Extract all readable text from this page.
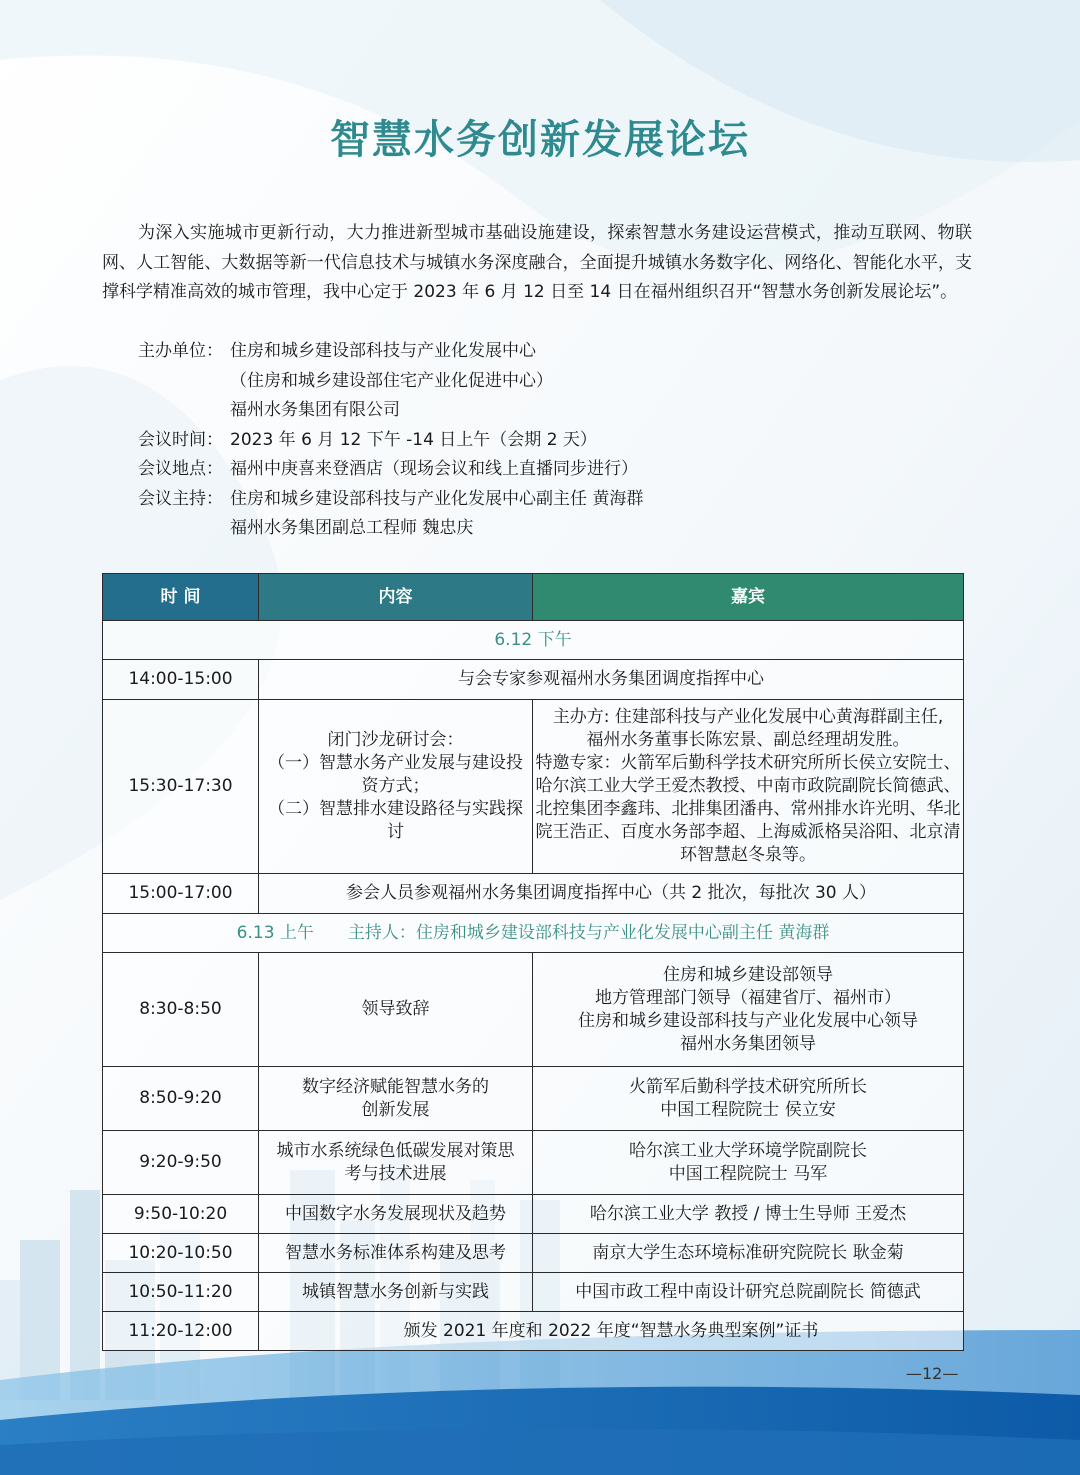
智慧水务创新发展论坛
为深入实施城市更新行动，大力推进新型城市基础设施建设，探索智慧水务建设运营模式，推动互联网、物联网、人工智能、大数据等新一代信息技术与城镇水务深度融合，全面提升城镇水务数字化、网络化、智能化水平，支撑科学精准高效的城市管理，我中心定于 2023 年 6 月 12 日至 14 日在福州组织召开“智慧水务创新发展论坛”。
主办单位： 住房和城乡建设部科技与产业化发展中心
（住房和城乡建设部住宅产业化促进中心）
福州水务集团有限公司
会议时间： 2023 年 6 月 12 下午 -14 日上午（会期 2 天）
会议地点： 福州中庚喜来登酒店（现场会议和线上直播同步进行）
会议主持： 住房和城乡建设部科技与产业化发展中心副主任 黄海群
福州水务集团副总工程师 魏忠庆
时 间	内容	嘉宾
6.12 下午		
14:00-15:00	与会专家参观福州水务集团调度指挥中心	
15:30-17:30	闭门沙龙研讨会：
（一）智慧水务产业发展与建设投资方式；
（二）智慧排水建设路径与实践探讨	主办方: 住建部科技与产业化发展中心黄海群副主任,
福州水务董事长陈宏景、副总经理胡发胜。
特邀专家：火箭军后勤科学技术研究所所长侯立安院士、哈尔滨工业大学王爱杰教授、中南市政院副院长简德武、北控集团李鑫玮、北排集团潘冉、常州排水许光明、华北院王浩正、百度水务部李超、上海威派格吴浴阳、北京清环智慧赵冬泉等。

15:00-17:00	参会人员参观福州水务集团调度指挥中心（共 2 批次，每批次 30 人）	
6.13 上午　　主持人：住房和城乡建设部科技与产业化发展中心副主任 黄海群		
8:30-8:50	领导致辞	住房和城乡建设部领导
地方管理部门领导（福建省厅、福州市）
住房和城乡建设部科技与产业化发展中心领导
福州水务集团领导

8:50-9:20	数字经济赋能智慧水务的
创新发展	火箭军后勤科学技术研究所所长
中国工程院院士 侯立安

9:20-9:50	城市水系统绿色低碳发展对策思
考与技术进展	哈尔滨工业大学环境学院副院长
中国工程院院士 马军

9:50-10:20	中国数字水务发展现状及趋势	哈尔滨工业大学 教授 / 博士生导师 王爱杰
10:20-10:50	智慧水务标准体系构建及思考	南京大学生态环境标准研究院院长 耿金菊
10:50-11:20	城镇智慧水务创新与实践	中国市政工程中南设计研究总院副院长 简德武
11:20-12:00	颁发 2021 年度和 2022 年度“智慧水务典型案例”证书	
—12—
